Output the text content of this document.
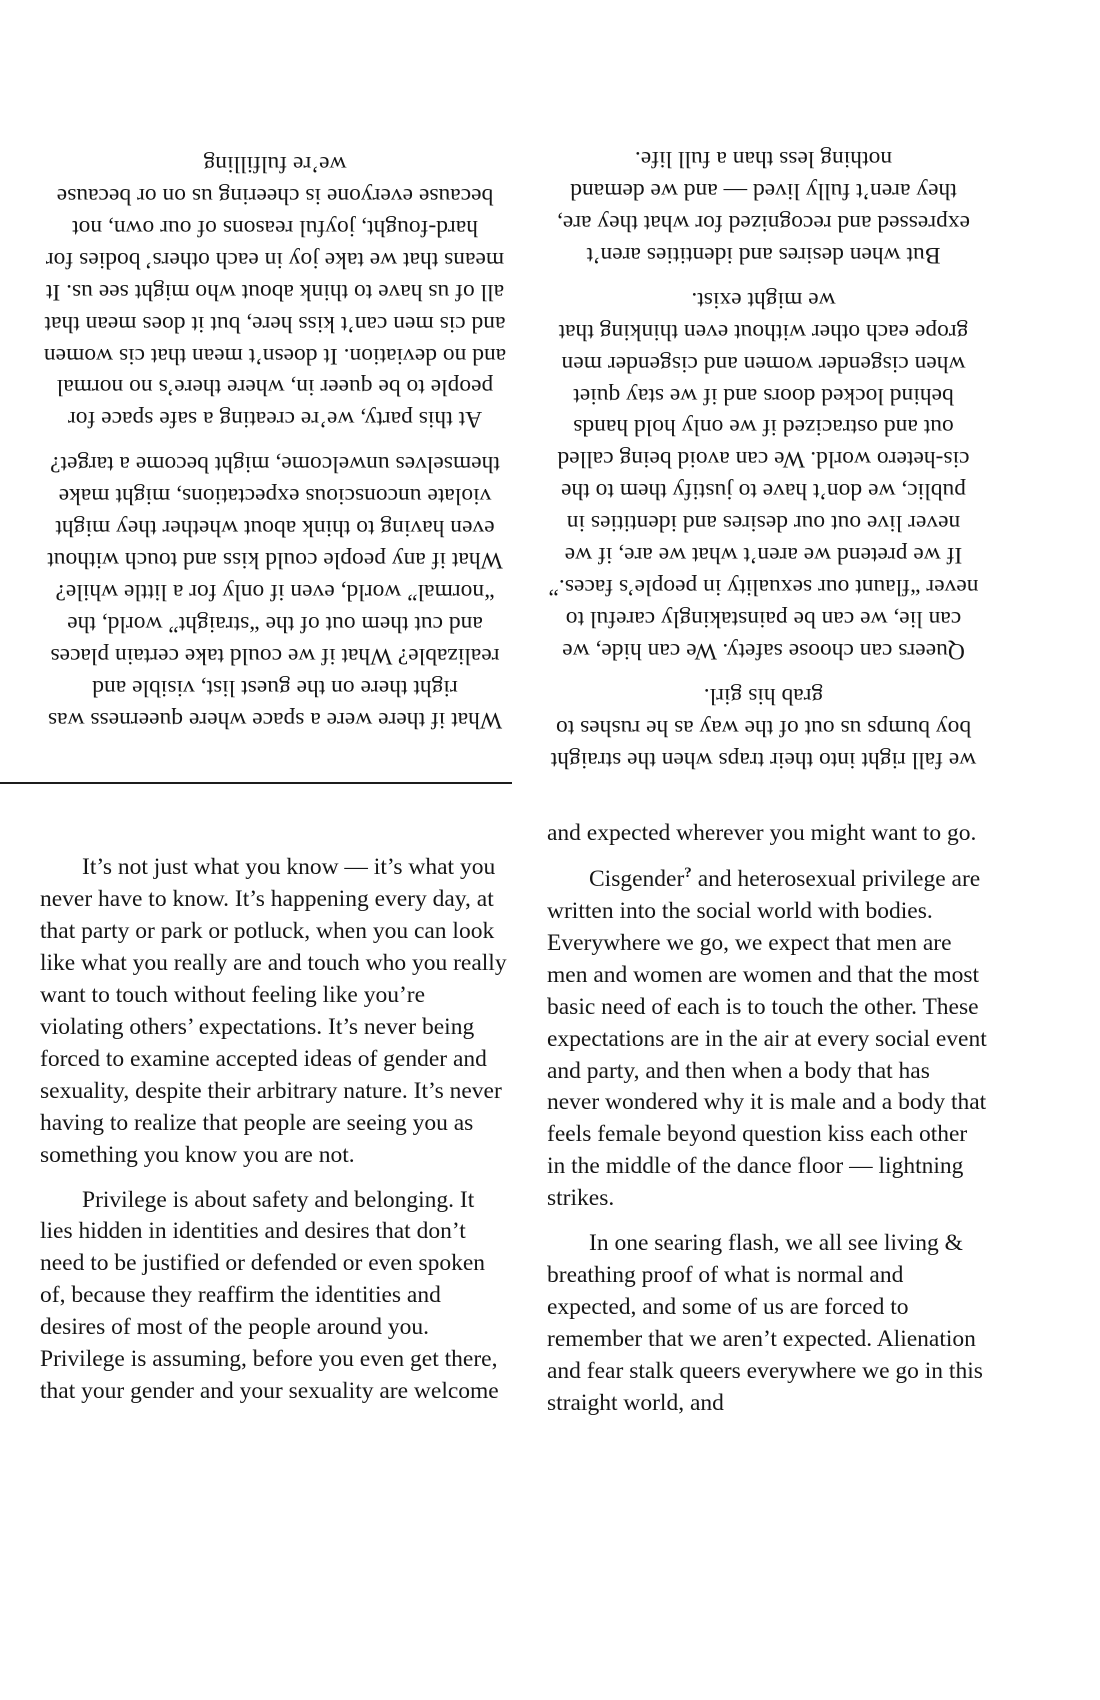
we fall right into their traps when the straight boy bumps us out of the way as he rushes to grab his girl.

Queers can choose safety. We can hide, we can lie, we can be painstakingly careful to never “flaunt our sexuality in people’s faces.” If we pretend we aren’t what we are, if we never live out our desires and identities in public, we don’t have to justify them to the cis-hetero world. We can avoid being called out and ostracized if we only hold hands behind locked doors and if we stay quiet when cisgender women and cisgender men grope each other without even thinking that we might exist.

But when desires and identities aren’t expressed and recognized for what they are, they aren’t fully lived — and we demand nothing less than a full life.

What if there were a space where queerness was right there on the guest list, visible and realizable? What if we could take certain places and cut them out of the “straight” world, the “normal” world, even if only for a little while? What if any people could kiss and touch without even having to think about whether they might violate unconscious expectations, might make themselves unwelcome, might become a target?

At this party, we’re creating a safe space for people to be queer in, where there’s no normal and no deviation. It doesn’t mean that cis women and cis men can’t kiss here, but it does mean that all of us have to think about who might see us. It means that we take joy in each others’ bodies for hard-fought, joyful reasons of our own, not because everyone is cheering us on or because we’re fulfilling

It’s not just what you know — it’s what you never have to know. It’s happening every day, at that party or park or potluck, when you can look like what you really are and touch who you really want to touch without feeling like you’re violating others’ expectations. It’s never being forced to examine accepted ideas of gender and sexuality, despite their arbitrary nature. It’s never having to realize that people are seeing you as something you know you are not.

Privilege is about safety and belonging. It lies hidden in identities and desires that don’t need to be justified or defended or even spoken of, because they reaffirm the identities and desires of most of the people around you. Privilege is assuming, before you even get there, that your gender and your sexuality are welcome

and expected wherever you might want to go.

Cisgender? and heterosexual privilege are written into the social world with bodies. Everywhere we go, we expect that men are men and women are women and that the most basic need of each is to touch the other. These expectations are in the air at every social event and party, and then when a body that has never wondered why it is male and a body that feels female beyond question kiss each other in the middle of the dance floor — lightning strikes.

In one searing flash, we all see living & breathing proof of what is normal and expected, and some of us are forced to remember that we aren’t expected. Alienation and fear stalk queers everywhere we go in this straight world, and
